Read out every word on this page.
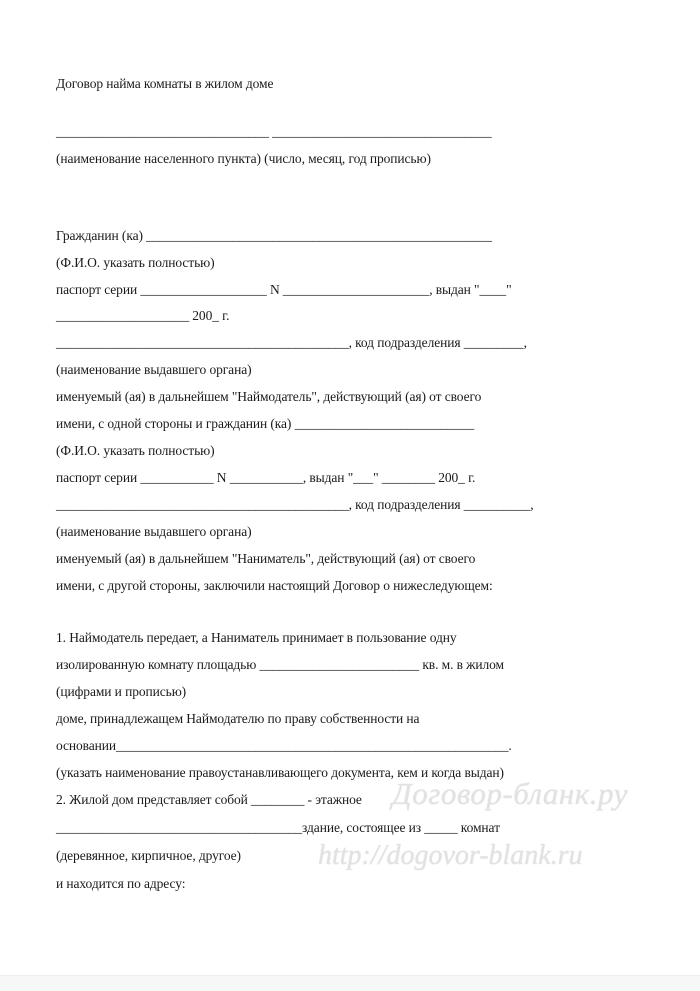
Договор найма комнаты в жилом доме
________________________________ _________________________________
(наименование населенного пункта) (число, месяц, год прописью)
Гражданин (ка) ____________________________________________________
(Ф.И.О. указать полностью)
паспорт серии ___________________ N ______________________, выдан "____"
____________________ 200_ г.
____________________________________________, код подразделения _________,
(наименование выдавшего органа)
именуемый (ая) в дальнейшем "Наймодатель", действующий (ая) от своего
имени, с одной стороны и гражданин (ка) ___________________________
(Ф.И.О. указать полностью)
паспорт серии ___________ N ___________, выдан "___" ________ 200_ г.
____________________________________________, код подразделения __________,
(наименование выдавшего органа)
именуемый (ая) в дальнейшем "Наниматель", действующий (ая) от своего
имени, с другой стороны, заключили настоящий Договор о нижеследующем:
1. Наймодатель передает, а Наниматель принимает в пользование одну
изолированную комнату площадью ________________________ кв. м. в жилом
(цифрами и прописью)
доме, принадлежащем Наймодателю по праву собственности на
основании___________________________________________________________.
(указать наименование правоустанавливающего документа, кем и когда выдан)
2. Жилой дом представляет собой ________ - этажное
_____________________________________здание, состоящее из _____ комнат
(деревянное, кирпичное, другое)
и находится по адресу:
Договор-бланк.ру
http://dogovor-blank.ru
